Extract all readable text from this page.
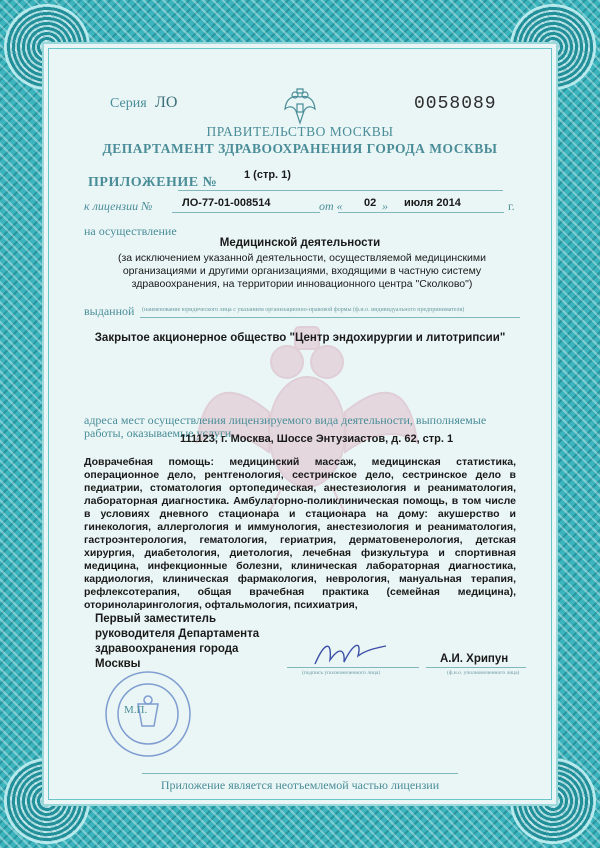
Серия ЛО	0058089
ПРАВИТЕЛЬСТВО МОСКВЫ
ДЕПАРТАМЕНТ ЗДРАВООХРАНЕНИЯ ГОРОДА МОСКВЫ
ПРИЛОЖЕНИЕ № 1 (стр. 1)
к лицензии №	ЛО-77-01-008514	от « 02 » июля 2014	г.
на осуществление
Медицинской деятельности
(за исключением указанной деятельности, осуществляемой медицинскими организациями и другими организациями, входящими в частную систему здравоохранения, на территории инновационного центра "Сколково")
выданной (наименование юридического лица с указанием организационно-правовой формы (ф.и.о. индивидуального предпринимателя)
Закрытое акционерное общество "Центр эндохирургии и литотрипсии"
адреса мест осуществления лицензируемого вида деятельности, выполняемые работы, оказываемые услуги
111123, г. Москва, Шоссе Энтузиастов, д. 62, стр. 1
Доврачебная помощь: медицинский массаж, медицинская статистика, операционное дело, рентгенология, сестринское дело, сестринское дело в педиатрии, стоматология ортопедическая, анестезиология и реаниматология, лабораторная диагностика. Амбулаторно-поликлиническая помощь, в том числе в условиях дневного стационара и стационара на дому: акушерство и гинекология, аллергология и иммунология, анестезиология и реаниматология, гастроэнтерология, гематология, гериатрия, дерматовенерология, детская хирургия, диабетология, диетология, лечебная физкультура и спортивная медицина, инфекционные болезни, клиническая лабораторная диагностика, кардиология, клиническая фармакология, неврология, мануальная терапия, рефлексотерапия, общая врачебная практика (семейная медицина), оториноларингология, офтальмология, психиатрия,
Первый заместитель руководителя Департамента здравоохранения города Москвы
М.П.
(подпись уполномоченного лица)	(ф.и.о. уполномоченного лица)
А.И. Хрипун
Приложение является неотъемлемой частью лицензии
